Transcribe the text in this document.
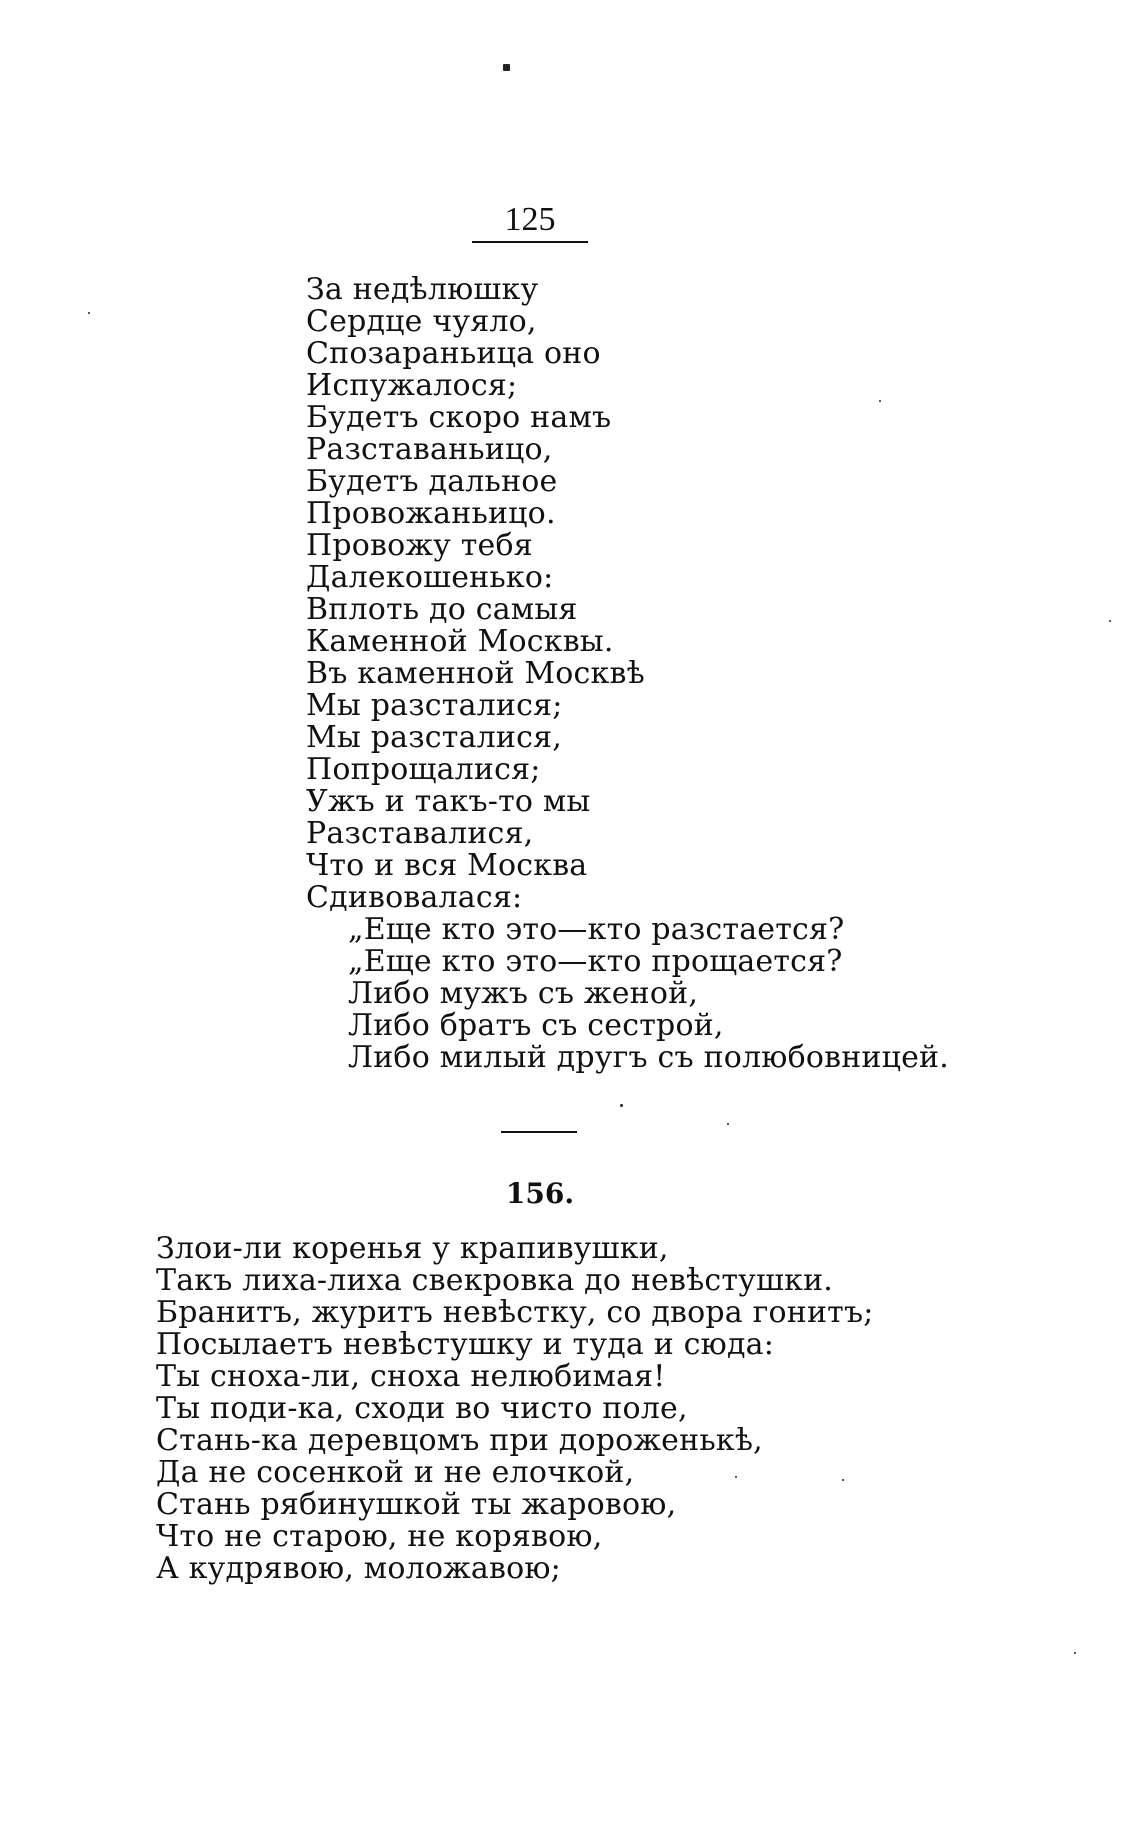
125
За недѣлюшку
Сердце чуяло,
Спозараньица оно
Испужалося;
Будетъ скоро намъ
Разставаньицо,
Будетъ дальное
Провожаньицо.
Провожу тебя
Далекошенько:
Вплоть до самыя
Каменной Москвы.
Въ каменной Москвѣ
Мы разсталися;
Мы разсталися,
Попрощалися;
Ужъ и такъ-то мы
Разставалися,
Что и вся Москва
Сдивовалася:
„Еще кто это—кто разстается?
„Еще кто это—кто прощается?
Либо мужъ съ женой,
Либо братъ съ сестрой,
Либо милый другъ съ полюбовницей.
156.
Злои-ли коренья у крапивушки,
Такъ лиха-лиха свекровка до невѣстушки.
Бранитъ, журитъ невѣстку, со двора гонитъ;
Посылаетъ невѣстушку и туда и сюда:
Ты сноха-ли, сноха нелюбимая!
Ты поди-ка, сходи во чисто поле,
Стань-ка деревцомъ при дороженькѣ,
Да не сосенкой и не елочкой,
Стань рябинушкой ты жаровою,
Что не старою, не корявою,
А кудрявою, моложавою;
